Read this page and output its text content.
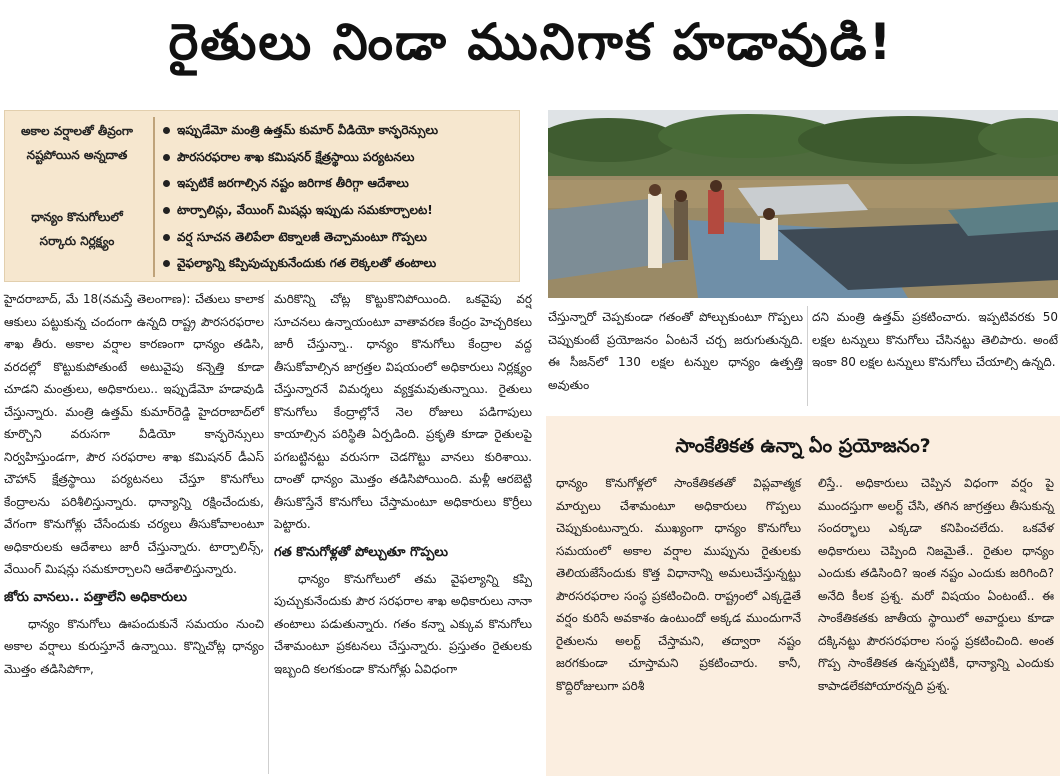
రైతులు నిండా మునిగాక హడావుడి!
అకాల వర్షాలతో తీవ్రంగా నష్టపోయిన అన్నదాత
ధాన్యం కొనుగోలులో సర్కారు నిర్లక్ష్యం
ఇప్పుడేమో మంత్రి ఉత్తమ్ కుమార్ వీడియో కాన్ఫరెన్సులు
పౌరసరఫరాల శాఖ కమిషనర్ క్షేత్రస్థాయి పర్యటనలు
ఇప్పటికే జరగాల్సిన నష్టం జరిగాక తీరిగ్గా ఆదేశాలు
టార్పాలిన్లు, వేయింగ్ మిషన్లు ఇప్పుడు సమకూర్చాలట!
వర్ష సూచన తెలిపేలా టెక్నాలజీ తెచ్చామంటూ గొప్పలు
వైఫల్యాన్ని కప్పిపుచ్చుకునేందుకు గత లెక్కలతో తంటాలు

హైదరాబాద్, మే 18(నమస్తే తెలంగాణ): చేతులు కాలాక ఆకులు పట్టుకున్న చందంగా ఉన్నది రాష్ట్ర పౌరసరఫరాల శాఖ తీరు. అకాల వర్షాల కారణంగా ధాన్యం తడిసి, వరదల్లో కొట్టుకుపోతుంటే అటువైపు కన్నెత్తి కూడా చూడని మంత్రులు, అధికారులు.. ఇప్పుడేమో హడావుడి చేస్తున్నారు. మంత్రి ఉత్తమ్ కుమార్‌రెడ్డి హైదరాబాద్‌లో కూర్చొని వరుసగా వీడియో కాన్ఫరెన్సులు నిర్వహిస్తుండగా, పౌర సరఫరాల శాఖ కమిషనర్ డీఎస్ చౌహాన్ క్షేత్రస్థాయి పర్యటనలు చేస్తూ కొనుగోలు కేంద్రాలను పరిశీలిస్తున్నారు. ధాన్యాన్ని రక్షించేందుకు, వేగంగా కొనుగోళ్లు చేసేందుకు చర్యలు తీసుకోవాలంటూ అధికారులకు ఆదేశాలు జారీ చేస్తున్నారు. టార్పాలిన్స్, వేయింగ్ మిషన్లు సమకూర్చాలని ఆదేశాలిస్తున్నారు.

జోరు వానలు.. పత్తాలేని అధికారులు

ధాన్యం కొనుగోలు ఊపందుకునే సమయం నుంచి అకాల వర్షాలు కురుస్తూనే ఉన్నాయి. కొన్నిచోట్ల ధాన్యం మొత్తం తడిసిపోగా,

మరికొన్ని చోట్ల కొట్టుకొనిపోయింది. ఒకవైపు వర్ష సూచనలు ఉన్నాయంటూ వాతావరణ కేంద్రం హెచ్చరికలు జారీ చేస్తున్నా.. ధాన్యం కొనుగోలు కేంద్రాల వద్ద తీసుకోవాల్సిన జాగ్రత్తల విషయంలో అధికారులు నిర్లక్ష్యం చేస్తున్నారనే విమర్శలు వ్యక్తమవుతున్నాయి. రైతులు కొనుగోలు కేంద్రాల్లోనే నెల రోజులు పడిగాపులు కాయాల్సిన పరిస్థితి ఏర్పడింది. ప్రకృతి కూడా రైతులపై పగబట్టినట్టు వరుసగా చెడగొట్టు వానలు కురిశాయి. దాంతో ధాన్యం మొత్తం తడిసిపోయింది. మళ్లీ ఆరబెట్టి తీసుకొస్తేనే కొనుగోలు చేస్తామంటూ అధికారులు కొర్రీలు పెట్టారు.

గత కొనుగోళ్లతో పోల్చుతూ గొప్పలు

ధాన్యం కొనుగోలులో తమ వైఫల్యాన్ని కప్పి పుచ్చుకునేందుకు పౌర సరఫరాల శాఖ అధికారులు నానా తంటాలు పడుతున్నారు. గతం కన్నా ఎక్కువ కొనుగోలు చేశామంటూ ప్రకటనలు చేస్తున్నారు. ప్రస్తుతం రైతులకు ఇబ్బంది కలగకుండా కొనుగోళ్లు ఏవిధంగా

చేస్తున్నారో చెప్పకుండా గతంతో పోల్చుకుంటూ గొప్పలు చెప్పుకుంటే ప్రయోజనం ఏంటనే చర్చ జరుగుతున్నది. ఈ సీజన్‌లో 130 లక్షల టన్నుల ధాన్యం ఉత్పత్తి అవుతుం

దని మంత్రి ఉత్తమ్ ప్రకటించారు. ఇప్పటివరకు 50 లక్షల టన్నులు కొనుగోలు చేసినట్టు తెలిపారు. అంటే ఇంకా 80 లక్షల టన్నులు కొనుగోలు చేయాల్సి ఉన్నది.

సాంకేతికత ఉన్నా ఏం ప్రయోజనం?
ధాన్యం కొనుగోళ్లలో సాంకేతికతతో విప్లవాత్మక మార్పులు చేశామంటూ అధికారులు గొప్పలు చెప్పుకుంటున్నారు. ముఖ్యంగా ధాన్యం కొనుగోలు సమయంలో అకాల వర్షాల ముప్పును రైతులకు తెలియజేసేందుకు కొత్త విధానాన్ని అమలుచేస్తున్నట్టు పౌరసరఫరాల సంస్థ ప్రకటించింది. రాష్ట్రంలో ఎక్కడైతే వర్షం కురిసే అవకాశం ఉంటుందో అక్కడ ముందుగానే రైతులను అలర్ట్ చేస్తామని, తద్వారా నష్టం జరగకుండా చూస్తామని ప్రకటించారు. కానీ, కొద్దిరోజులుగా పరిశీ
లిస్తే.. అధికారులు చెప్పిన విధంగా వర్షం పై ముందస్తుగా అలర్ట్ చేసి, తగిన జాగ్రత్తలు తీసుకున్న సందర్భాలు ఎక్కడా కనిపించలేదు. ఒకవేళ అధికారులు చెప్పింది నిజమైతే.. రైతుల ధాన్యం ఎందుకు తడిసింది? ఇంత నష్టం ఎందుకు జరిగింది? అనేది కీలక ప్రశ్న. మరో విషయం ఏంటంటే.. ఈ సాంకేతికతకు జాతీయ స్థాయిలో అవార్డులు కూడా దక్కినట్టు పౌరసరఫరాల సంస్థ ప్రకటించింది. అంత గొప్ప సాంకేతికత ఉన్నప్పటికీ, ధాన్యాన్ని ఎందుకు కాపాడలేకపోయారన్నది ప్రశ్న.
